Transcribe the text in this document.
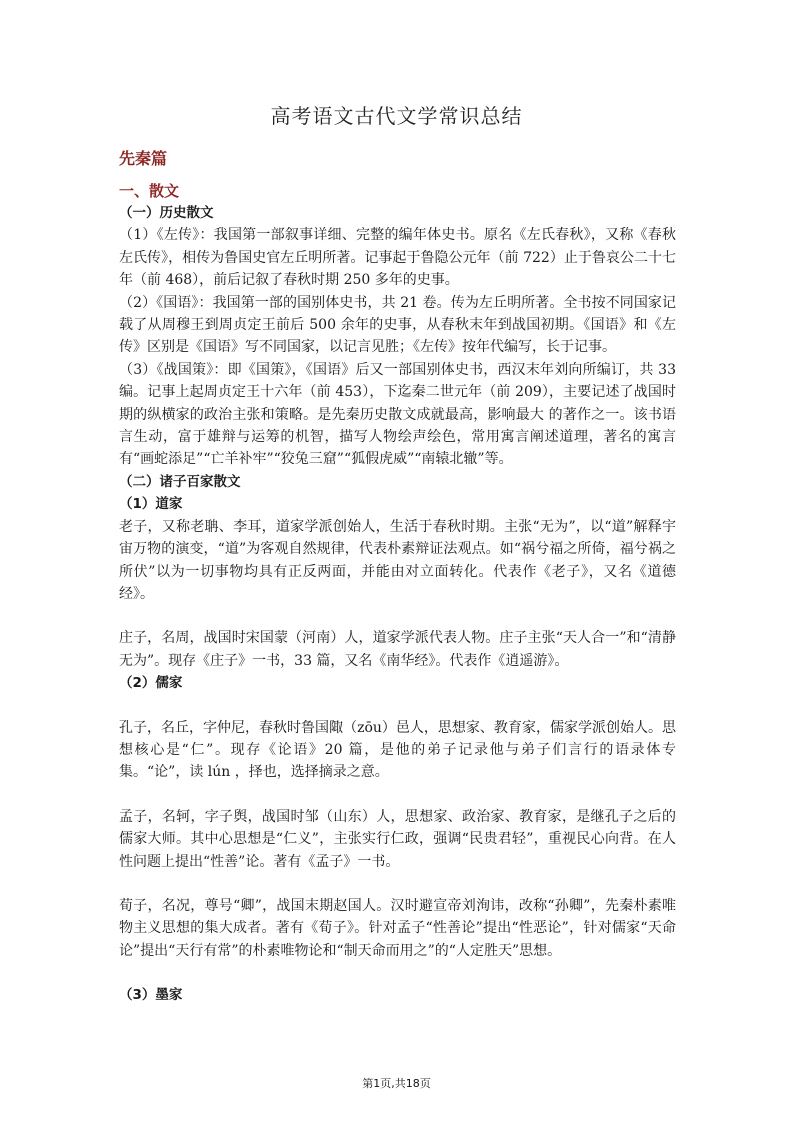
高考语文古代文学常识总结
先秦篇
一、散文
（一）历史散文

（1）《左传》：我国第一部叙事详细、完整的编年体史书。原名《左氏春秋》，又称《春秋左氏传》，相传为鲁国史官左丘明所著。记事起于鲁隐公元年（前 722）止于鲁哀公二十七年（前 468），前后记叙了春秋时期 250 多年的史事。

（2）《国语》：我国第一部的国别体史书，共 21 卷。传为左丘明所著。全书按不同国家记载了从周穆王到周贞定王前后 500 余年的史事，从春秋末年到战国初期。《国语》和《左传》区别是《国语》写不同国家，以记言见胜；《左传》按年代编写，长于记事。

（3）《战国策》：即《国策》，《国语》后又一部国别体史书，西汉末年刘向所编订，共 33 编。记事上起周贞定王十六年（前 453），下迄秦二世元年（前 209），主要记述了战国时期的纵横家的政治主张和策略。是先秦历史散文成就最高，影响最大 的著作之一。该书语言生动，富于雄辩与运筹的机智，描写人物绘声绘色，常用寓言阐述道理，著名的寓言有“画蛇添足”“亡羊补牢”“狡兔三窟”“狐假虎威”“南辕北辙”等。

（二）诸子百家散文
（1）道家

老子，又称老聃、李耳，道家学派创始人，生活于春秋时期。主张“无为”，以“道”解释宇宙万物的演变，“道”为客观自然规律，代表朴素辩证法观点。如“祸兮福之所倚，福兮祸之所伏”以为一切事物均具有正反两面，并能由对立面转化。代表作《老子》，又名《道德经》。

庄子，名周，战国时宋国蒙（河南）人，道家学派代表人物。庄子主张“天人合一”和“清静无为”。现存《庄子》一书，33 篇，又名《南华经》。代表作《逍遥游》。

（2）儒家

孔子，名丘，字仲尼，春秋时鲁国陬（zōu）邑人，思想家、教育家，儒家学派创始人。思想核心是“仁”。现存《论语》20 篇，是他的弟子记录他与弟子们言行的语录体专集。“论”，读 lún ，择也，选择摘录之意。

孟子，名轲，字子舆，战国时邹（山东）人，思想家、政治家、教育家，是继孔子之后的儒家大师。其中心思想是“仁义”，主张实行仁政，强调“民贵君轻”，重视民心向背。在人性问题上提出“性善”论。著有《孟子》一书。

荀子，名况，尊号“卿”，战国末期赵国人。汉时避宣帝刘洵讳，改称“孙卿”，先秦朴素唯物主义思想的集大成者。著有《荀子》。针对孟子“性善论”提出“性恶论”，针对儒家“天命论”提出“天行有常”的朴素唯物论和“制天命而用之”的“人定胜天”思想。

（3）墨家
第1页,共18页
